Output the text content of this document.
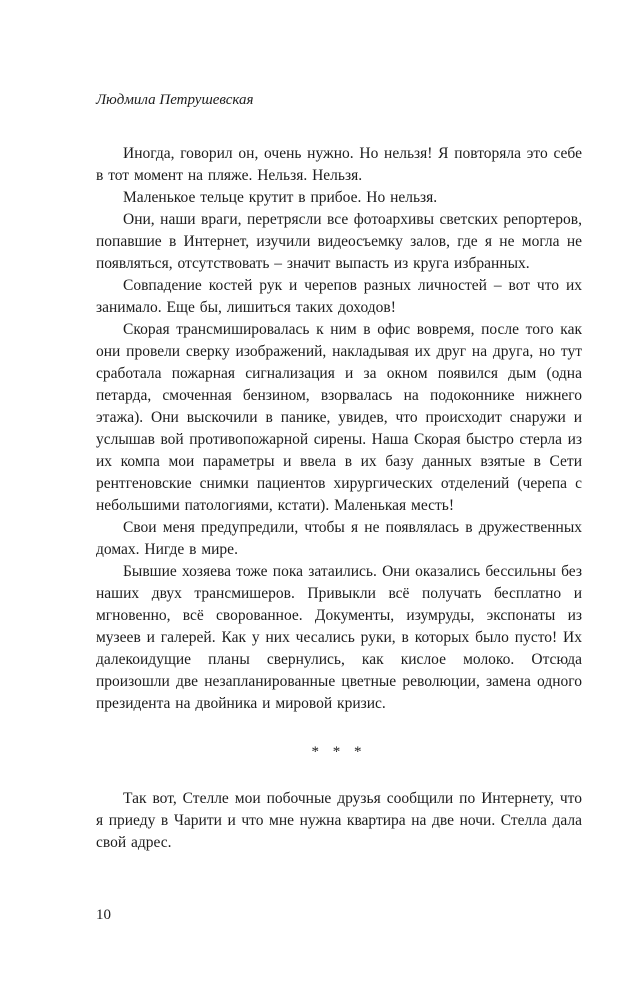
Людмила Петрушевская

Иногда, говорил он, очень нужно. Но нельзя! Я повторяла это себе в тот момент на пляже. Нельзя. Нельзя.

Маленькое тельце крутит в прибое. Но нельзя.

Они, наши враги, перетрясли все фотоархивы светских репортеров, попавшие в Интернет, изучили видеосъемку залов, где я не могла не появляться, отсутствовать – значит выпасть из круга избранных.

Совпадение костей рук и черепов разных личностей – вот что их занимало. Еще бы, лишиться таких доходов!

Скорая трансмишировалась к ним в офис вовремя, после того как они провели сверку изображений, накладывая их друг на друга, но тут сработала пожарная сигнализация и за окном появился дым (одна петарда, смоченная бензином, взорвалась на подоконнике нижнего этажа). Они выскочили в панике, увидев, что происходит снаружи и услышав вой противопожарной сирены. Наша Скорая быстро стерла из их компа мои параметры и ввела в их базу данных взятые в Сети рентгеновские снимки пациентов хирургических отделений (черепа с небольшими патологиями, кстати). Маленькая месть!

Свои меня предупредили, чтобы я не появлялась в дружественных домах. Нигде в мире.

Бывшие хозяева тоже пока затаились. Они оказались бессильны без наших двух трансмишеров. Привыкли всё получать бесплатно и мгновенно, всё сворованное. Документы, изумруды, экспонаты из музеев и галерей. Как у них чесались руки, в которых было пусто! Их далекоидущие планы свернулись, как кислое молоко. Отсюда произошли две незапланированные цветные революции, замена одного президента на двойника и мировой кризис.

* * *

Так вот, Стелле мои побочные друзья сообщили по Интернету, что я приеду в Чарити и что мне нужна квартира на две ночи. Стелла дала свой адрес.

10
